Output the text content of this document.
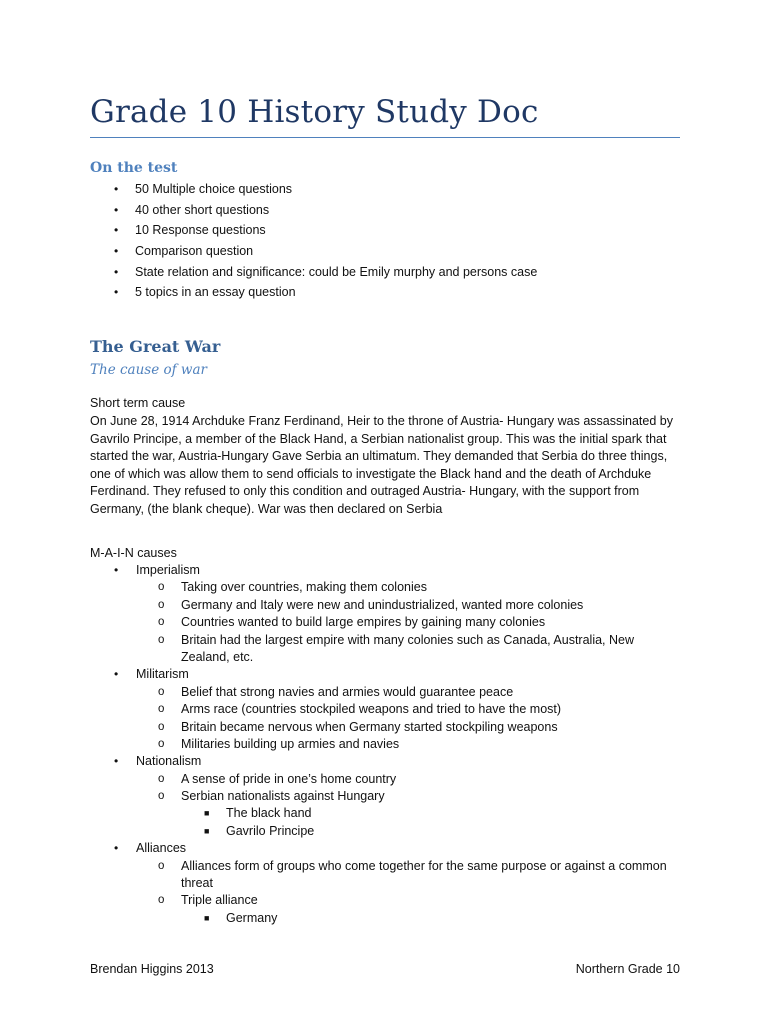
Grade 10 History Study Doc
On the test
• 50 Multiple choice questions
• 40 other short questions
• 10 Response questions
• Comparison question
• State relation and significance: could be Emily murphy and persons case
• 5 topics in an essay question
The Great War
The cause of war
Short term cause
On June 28, 1914 Archduke Franz Ferdinand, Heir to the throne of Austria- Hungary was assassinated by
Gavrilo Principe, a member of the Black Hand, a Serbian nationalist group. This was the initial spark that
started the war, Austria-Hungary Gave Serbia an ultimatum. They demanded that Serbia do three things,
one of which was allow them to send officials to investigate the Black hand and the death of Archduke
Ferdinand. They refused to only this condition and outraged Austria- Hungary, with the support from
Germany, (the blank cheque). War was then declared on Serbia
M-A-I-N causes
• Imperialism
o Taking over countries, making them colonies
o Germany and Italy were new and unindustrialized, wanted more colonies
o Countries wanted to build large empires by gaining many colonies
o Britain had the largest empire with many colonies such as Canada, Australia, New
Zealand, etc.
• Militarism
o Belief that strong navies and armies would guarantee peace
o Arms race (countries stockpiled weapons and tried to have the most)
o Britain became nervous when Germany started stockpiling weapons
o Militaries building up armies and navies
• Nationalism
o A sense of pride in one’s home country
o Serbian nationalists against Hungary
■ The black hand
■ Gavrilo Principe
• Alliances
o Alliances form of groups who come together for the same purpose or against a common
threat
o Triple alliance
■ Germany
Brendan Higgins 2013	Northern Grade 10
